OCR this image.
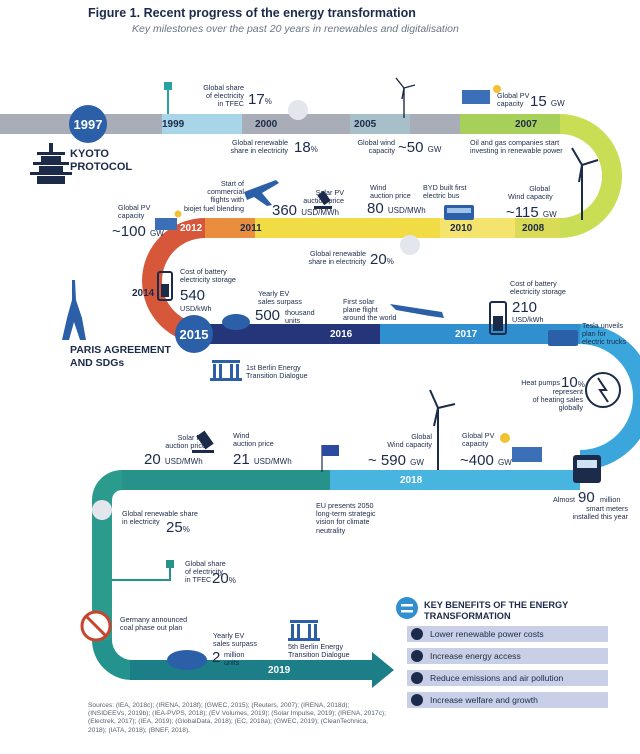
Figure 1. Recent progress of the energy transformation
Key milestones over the past 20 years in renewables and digitalisation
1997	1999	2000	2005	2007
2008
2010
2011
2012
2014
2015	2016	2017
2018
2019
KYOTO
PROTOCOL
PARIS AGREEMENT
AND SDGs
Global share
of electricity
in TFEC 17%
Global renewable
share in electricity 18%
Global wind
capacity ~50 GW
Global PV
capacity 15 GW
Oil and gas companies start
investing in renewable power
Global
Wind capacity
~115 GW
BYD built first
electric bus
Wind
auction price
80 USD/MWh
Solar PV
auction price
360 USD/MWh
Start of
commercial
flights with
biojet fuel blending
Global PV
capacity
~100 GW
Global renewable
share in electricity 20%
Cost of battery
electricity storage
540
USD/kWh
Yearly EV
sales surpass
500 thousand
units
First solar
plane flight
around the world
1st Berlin Energy
Transition Dialogue
Cost of battery
electricity storage
210
USD/kWh
Tesla unveils
plan for
electric trucks
Heat pumps 10%
represent
of heating sales
globally
Almost 90 million
smart meters
installed this year
Global PV
capacity
~400 GW
Global
Wind capacity
~ 590 GW
EU presents 2050
long-term strategic
vision for climate
neutrality
Wind
auction price
21 USD/MWh
Solar PV
auction price
20 USD/MWh
Global renewable share
in electricity 25%
Global share
of electricity
in TFEC 20%
Germany announced
coal phase out plan
Yearly EV
sales surpass
2 million
units
5th Berlin Energy
Transition Dialogue
KEY BENEFITS OF THE ENERGY
TRANSFORMATION
Lower renewable power costs
Increase energy access
Reduce emissions and air pollution
Increase welfare and growth
Sources: (IEA, 2018c); (IRENA, 2018f); (GWEC, 2015); (Reuters, 2007); (IRENA, 2018d); (INSIDEEVs, 2019b); (IEA-PVPS, 2018); (EV Volumes, 2019); (Solar Impulse, 2019); (IRENA, 2017c); (Electrek, 2017); (IEA, 2019); (GlobalData, 2018); (EC, 2018a); (GWEC, 2019); (CleanTechnica, 2018); (IATA, 2018); (BNEF, 2018).
